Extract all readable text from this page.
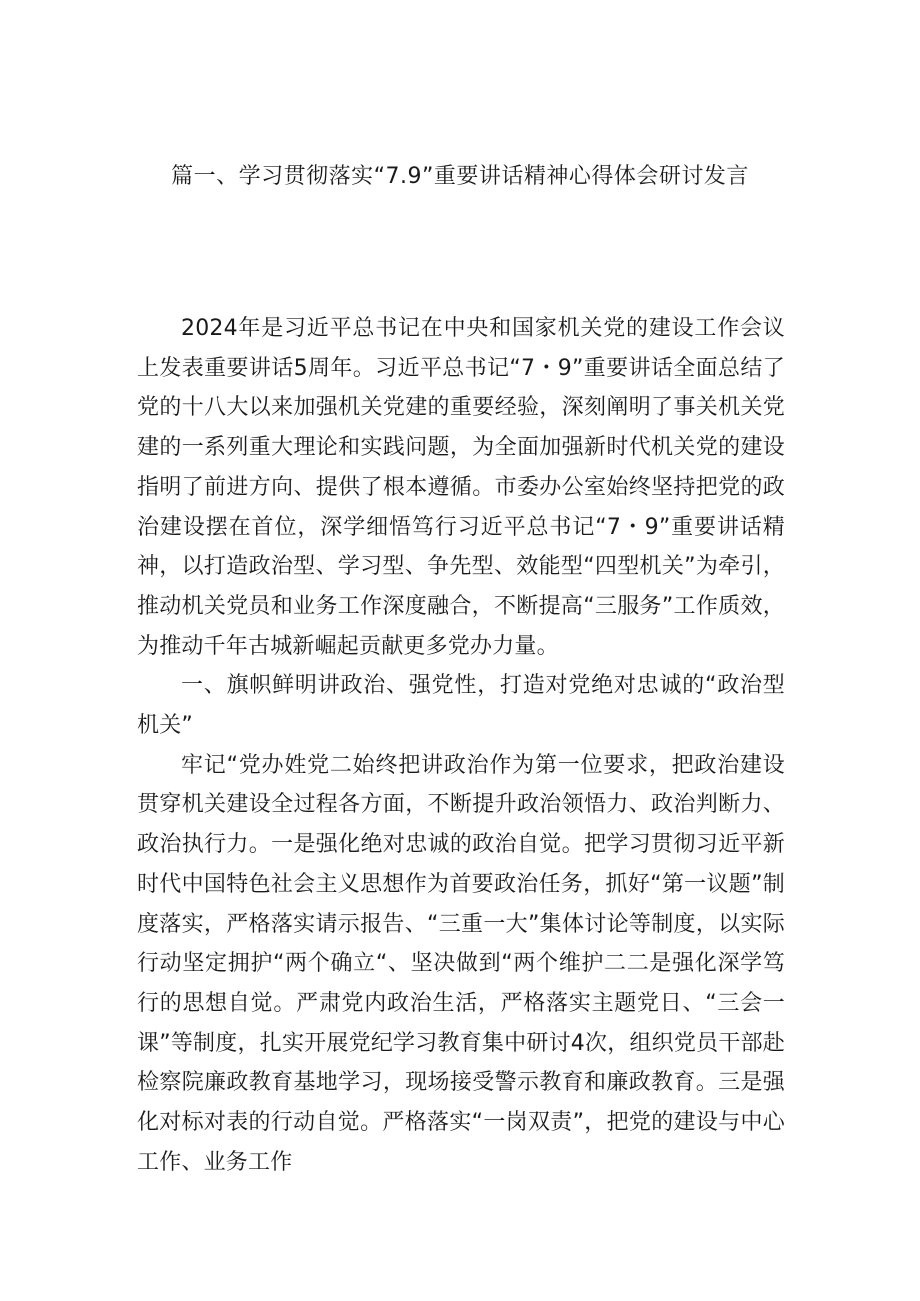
篇一、学习贯彻落实“7.9”重要讲话精神心得体会研讨发言

2024年是习近平总书记在中央和国家机关党的建设工作会议上发表重要讲话5周年。习近平总书记“7・9”重要讲话全面总结了党的十八大以来加强机关党建的重要经验，深刻阐明了事关机关党建的一系列重大理论和实践问题，为全面加强新时代机关党的建设指明了前进方向、提供了根本遵循。市委办公室始终坚持把党的政治建设摆在首位，深学细悟笃行习近平总书记“7・9”重要讲话精神，以打造政治型、学习型、争先型、效能型“四型机关”为牵引，推动机关党员和业务工作深度融合，不断提高“三服务”工作质效，为推动千年古城新崛起贡献更多党办力量。

一、旗帜鲜明讲政治、强党性，打造对党绝对忠诚的“政治型机关”

牢记“党办姓党二始终把讲政治作为第一位要求，把政治建设贯穿机关建设全过程各方面，不断提升政治领悟力、政治判断力、政治执行力。一是强化绝对忠诚的政治自觉。把学习贯彻习近平新时代中国特色社会主义思想作为首要政治任务，抓好“第一议题”制度落实，严格落实请示报告、“三重一大”集体讨论等制度，以实际行动坚定拥护“两个确立“、坚决做到“两个维护二二是强化深学笃行的思想自觉。严肃党内政治生活，严格落实主题党日、“三会一课”等制度，扎实开展党纪学习教育集中研讨4次，组织党员干部赴检察院廉政教育基地学习，现场接受警示教育和廉政教育。三是强化对标对表的行动自觉。严格落实“一岗双责”，把党的建设与中心工作、业务工作
